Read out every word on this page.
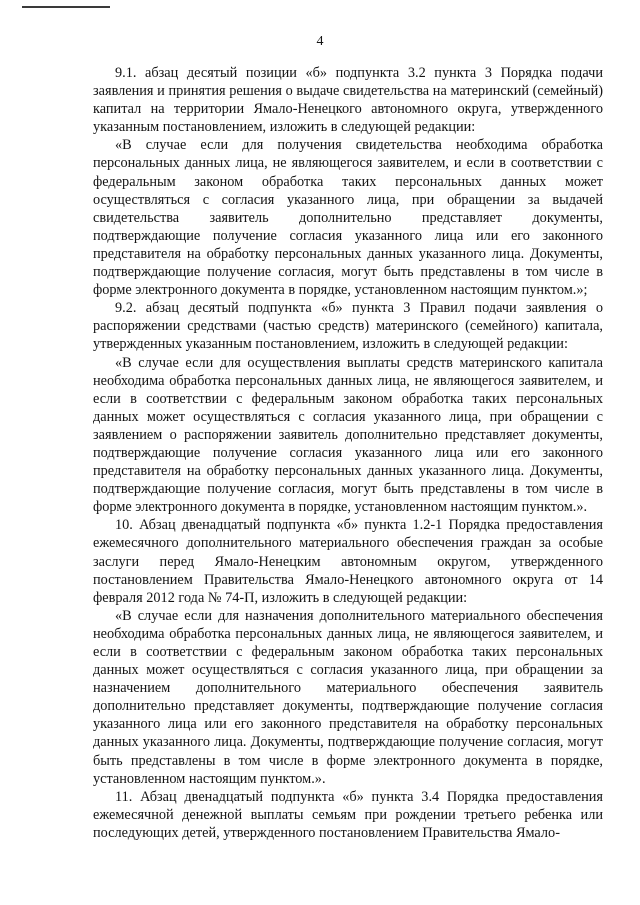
4

9.1. абзац десятый позиции «б» подпункта 3.2 пункта 3 Порядка подачи заявления и принятия решения о выдаче свидетельства на материнский (семейный) капитал на территории Ямало-Ненецкого автономного округа, утвержденного указанным постановлением, изложить в следующей редакции:

«В случае если для получения свидетельства необходима обработка персональных данных лица, не являющегося заявителем, и если в соответствии с федеральным законом обработка таких персональных данных может осуществляться с согласия указанного лица, при обращении за выдачей свидетельства заявитель дополнительно представляет документы, подтверждающие получение согласия указанного лица или его законного представителя на обработку персональных данных указанного лица. Документы, подтверждающие получение согласия, могут быть представлены в том числе в форме электронного документа в порядке, установленном настоящим пунктом.»;

9.2. абзац десятый подпункта «б» пункта 3 Правил подачи заявления о распоряжении средствами (частью средств) материнского (семейного) капитала, утвержденных указанным постановлением, изложить в следующей редакции:

«В случае если для осуществления выплаты средств материнского капитала необходима обработка персональных данных лица, не являющегося заявителем, и если в соответствии с федеральным законом обработка таких персональных данных может осуществляться с согласия указанного лица, при обращении с заявлением о распоряжении заявитель дополнительно представляет документы, подтверждающие получение согласия указанного лица или его законного представителя на обработку персональных данных указанного лица. Документы, подтверждающие получение согласия, могут быть представлены в том числе в форме электронного документа в порядке, установленном настоящим пунктом.».

10. Абзац двенадцатый подпункта «б» пункта 1.2-1 Порядка предоставления ежемесячного дополнительного материального обеспечения граждан за особые заслуги перед Ямало-Ненецким автономным округом, утвержденного постановлением Правительства Ямало-Ненецкого автономного округа от 14 февраля 2012 года № 74-П, изложить в следующей редакции:

«В случае если для назначения дополнительного материального обеспечения необходима обработка персональных данных лица, не являющегося заявителем, и если в соответствии с федеральным законом обработка таких персональных данных может осуществляться с согласия указанного лица, при обращении за назначением дополнительного материального обеспечения заявитель дополнительно представляет документы, подтверждающие получение согласия указанного лица или его законного представителя на обработку персональных данных указанного лица. Документы, подтверждающие получение согласия, могут быть представлены в том числе в форме электронного документа в порядке, установленном настоящим пунктом.».

11. Абзац двенадцатый подпункта «б» пункта 3.4 Порядка предоставления ежемесячной денежной выплаты семьям при рождении третьего ребенка или последующих детей, утвержденного постановлением Правительства Ямало-
